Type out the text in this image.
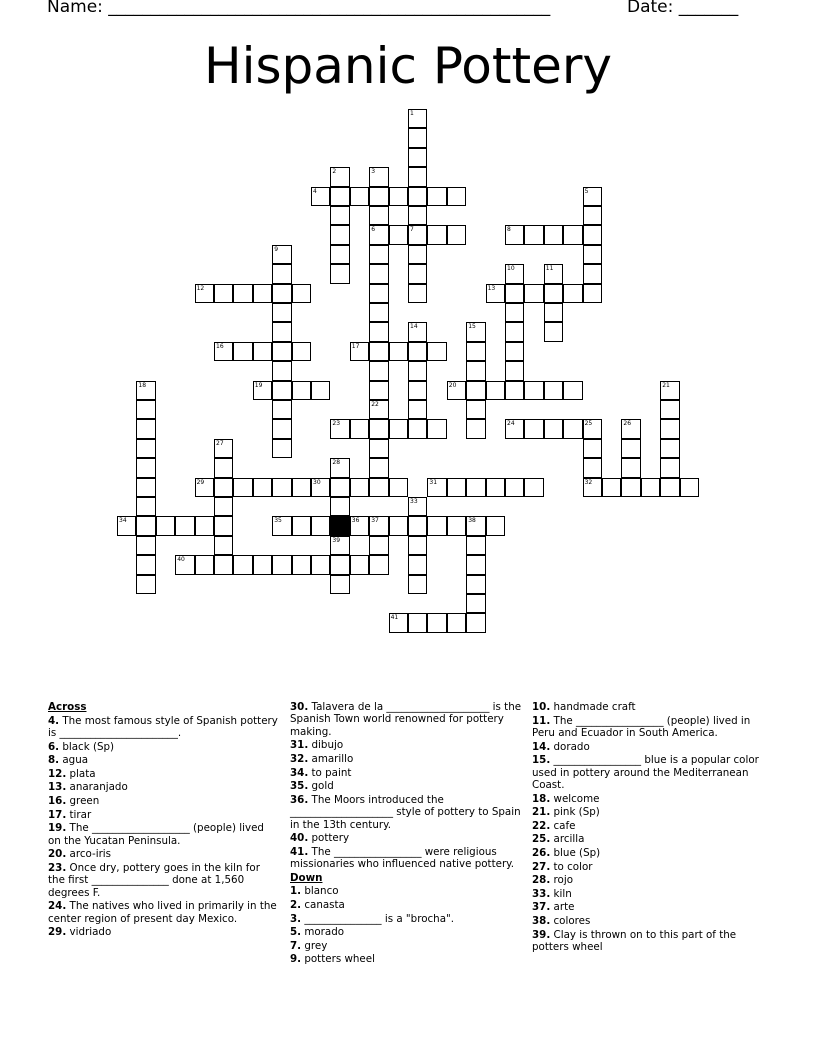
Name: ____________________________________________________	Date: _______
Hispanic Pottery
4
6	7	8
12	13
16	17
19	20
23	24	25
29	30	31	32
34	35	36 37	38
40
41
1
2	3
22
5
9
10	11
14	15
18	21
26
27
28
39
33
Across
4. The most famous style of Spanish pottery is _______________________.
6. black (Sp)
8. agua
12. plata
13. anaranjado
16. green
17. tirar
19. The ___________________ (people) lived on the Yucatan Peninsula.
20. arco-iris
23. Once dry, pottery goes in the kiln for the first _______________ done at 1,560 degrees F.
24. The natives who lived in primarily in the center region of present day Mexico.
29. vidriado
30. Talavera de la ____________________ is the Spanish Town world renowned for pottery making.
31. dibujo
32. amarillo
34. to paint
35. gold
36. The Moors introduced the ____________________ style of pottery to Spain in the 13th century.
40. pottery
41. The _________________ were religious missionaries who influenced native pottery.
Down
1. blanco
2. canasta
3. _______________ is a "brocha".
5. morado
7. grey
9. potters wheel
10. handmade craft
11. The _________________ (people) lived in Peru and Ecuador in South America.
14. dorado
15. _________________ blue is a popular color used in pottery around the Mediterranean Coast.
18. welcome
21. pink (Sp)
22. cafe
25. arcilla
26. blue (Sp)
27. to color
28. rojo
33. kiln
37. arte
38. colores
39. Clay is thrown on to this part of the potters wheel
